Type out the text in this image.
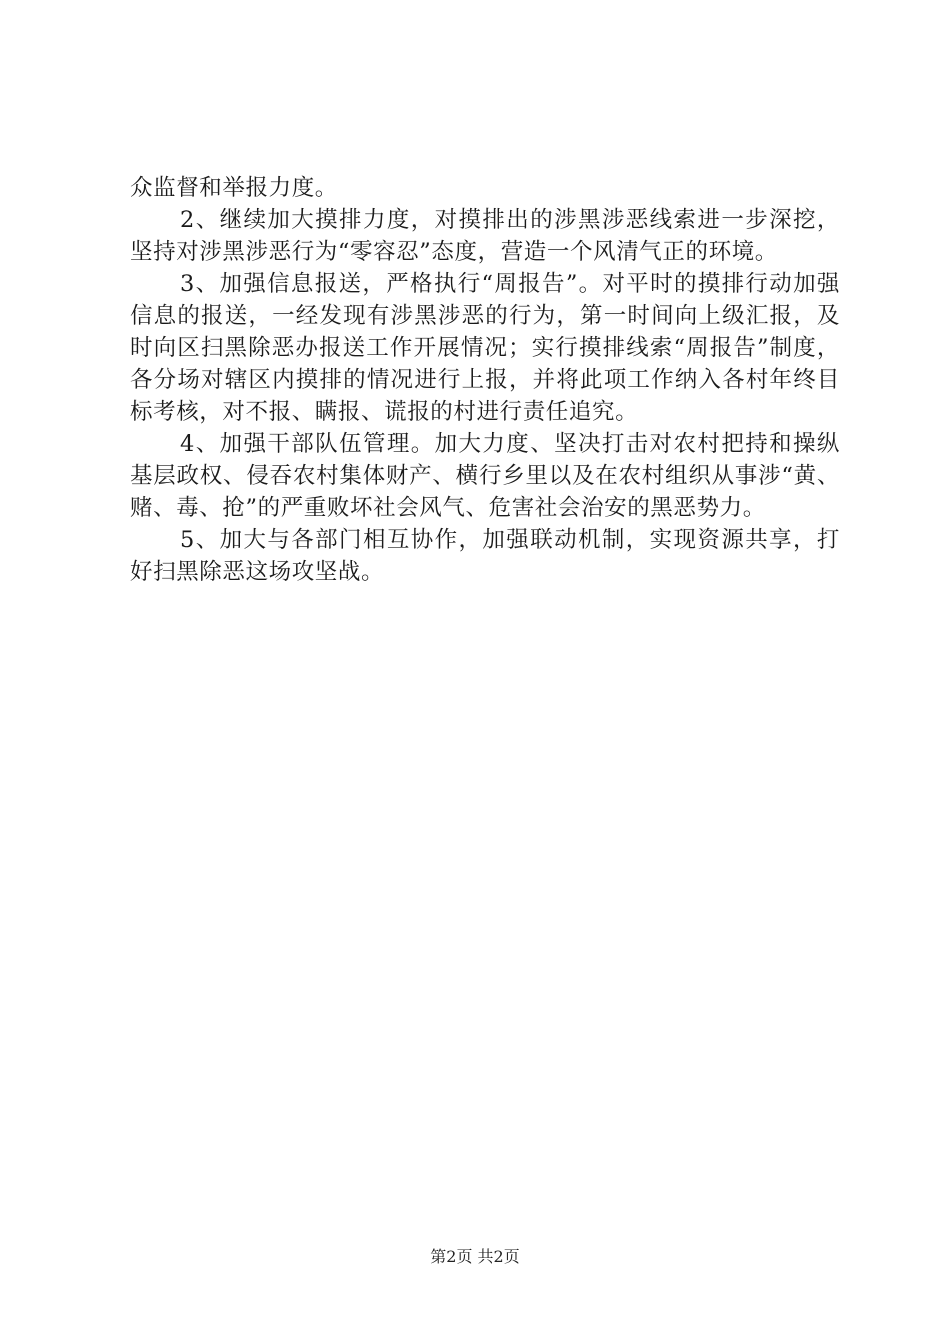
众监督和举报力度。

2、继续加大摸排力度，对摸排出的涉黑涉恶线索进一步深挖，坚持对涉黑涉恶行为“零容忍”态度，营造一个风清气正的环境。

3、加强信息报送，严格执行“周报告”。对平时的摸排行动加强信息的报送，一经发现有涉黑涉恶的行为，第一时间向上级汇报，及时向区扫黑除恶办报送工作开展情况；实行摸排线索“周报告”制度，各分场对辖区内摸排的情况进行上报，并将此项工作纳入各村年终目标考核，对不报、瞒报、谎报的村进行责任追究。

4、加强干部队伍管理。加大力度、坚决打击对农村把持和操纵基层政权、侵吞农村集体财产、横行乡里以及在农村组织从事涉“黄、赌、毒、抢”的严重败坏社会风气、危害社会治安的黑恶势力。

5、加大与各部门相互协作，加强联动机制，实现资源共享，打好扫黑除恶这场攻坚战。

第2页 共2页
